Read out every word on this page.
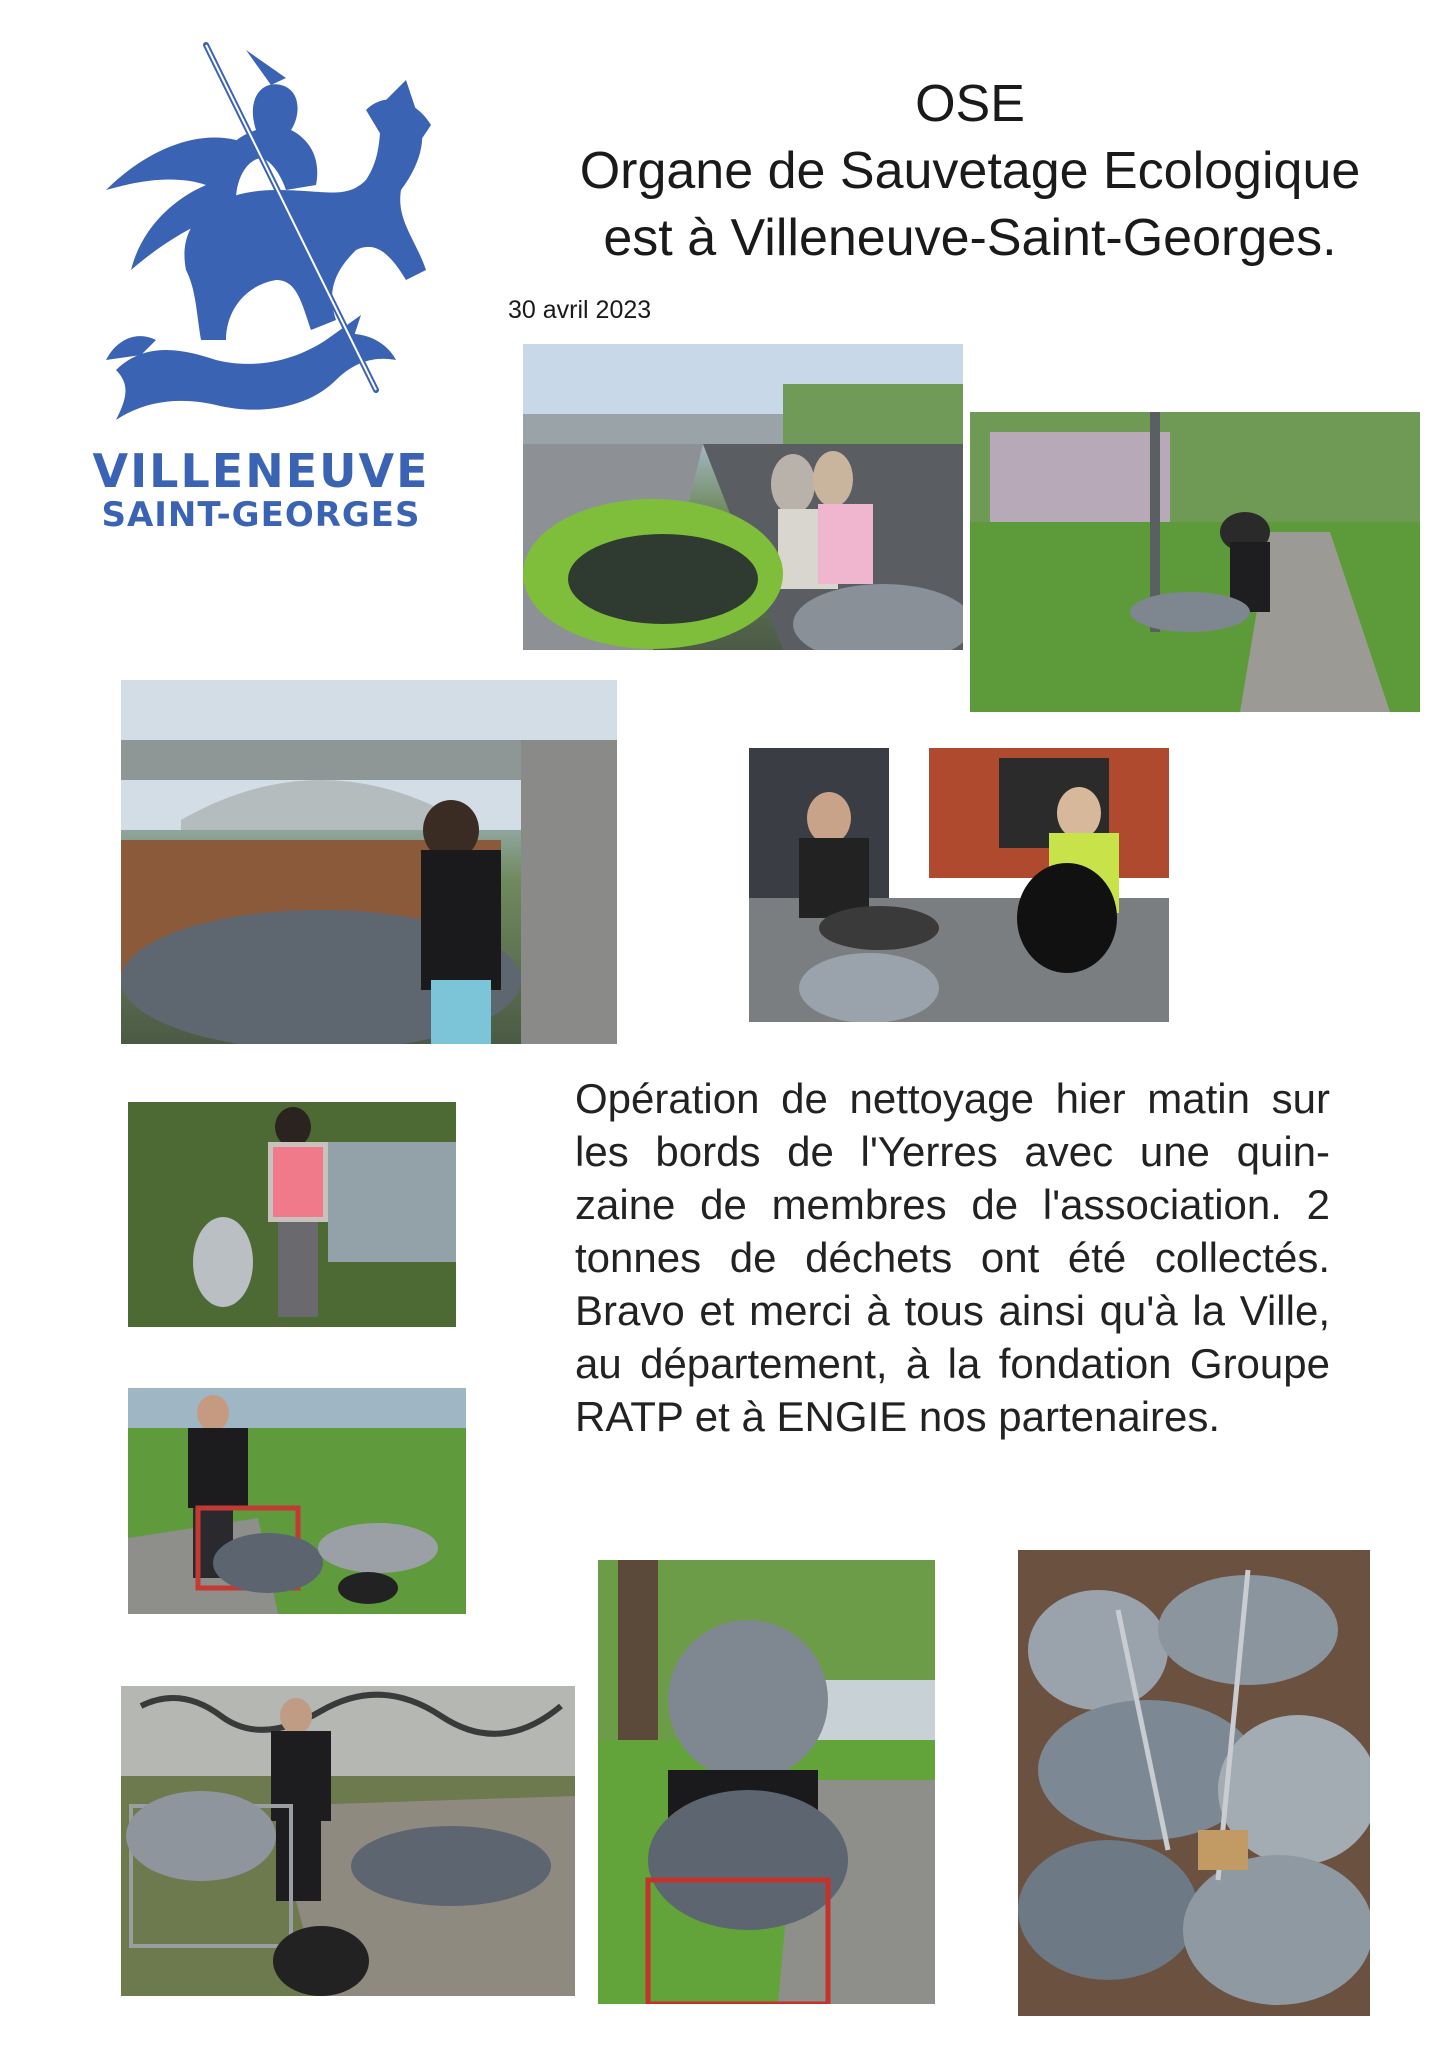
VILLENEUVE
SAINT-GEORGES
OSE
Organe de Sauvetage Ecologique
est à Villeneuve-Saint-Georges.
30 avril 2023

Opération de nettoyage hier matin sur les bords de l'Yerres avec une quin-zaine de membres de l'association. 2 tonnes de déchets ont été collectés. Bravo et merci à tous ainsi qu'à la Ville, au département, à la fondation Groupe RATP et à ENGIE nos partenaires.
